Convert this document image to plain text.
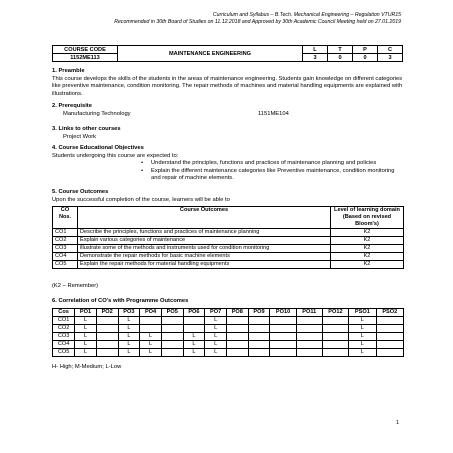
Curriculum and Syllabus – B.Tech. Mechanical Engineering – Regulation VTUR15
Recommended in 30th Board of Studies on 11.12.2018 and Approved by 30th Academic Council Meeting held on 27.01.2019
COURSE CODE	MAINTENANCE ENGINEERING	L	T	P	C
1152ME113		3	0	0	3
1. Preamble
This course develops the skills of the students in the areas of maintenance engineering. Students gain knowledge on different categories like preventive maintenance, condition monitoring. The repair methods of machines and material handling equipments are explained with illustrations.
2. Prerequisite
Manufacturing Technology	1151ME104
3. Links to other courses
Project Work
4. Course Educational Objectives
Students undergoing this course are expected to:
• Understand the principles, functions and practices of maintenance planning and policies
• Explain the different maintenance categories like Preventive maintenance, condition monitoring and repair of machine elements.
5. Course Outcomes
Upon the successful completion of the course, learners will be able to
CO Nos.	Course Outcomes	Level of learning domain (Based on revised Bloom's)
CO1	Describe the principles, functions and practices of maintenance planning	K2
CO2	Explain various categories of maintenance	K2
CO3	illustrate some of the methods and instruments used for condition monitoring	K2
CO4	Demonstrate the repair methods for basic machine elements	K2
CO5	Explain the repair methods for material handling equipments	K2
(K2 – Remember)
6. Correlation of CO's with Programme Outcomes
Cos	PO1	PO2	PO3	PO4	PO5	PO6	PO7	PO8	PO9	PO10	PO11	PO12	PSO1	PSO2
CO1	L		L				L						L	
CO2	L		L				L						L	
CO3	L		L	L		L	L						L	
CO4	L		L	L		L	L						L	
CO5	L		L	L		L	L						L	
H- High; M-Medium; L-Low
1
